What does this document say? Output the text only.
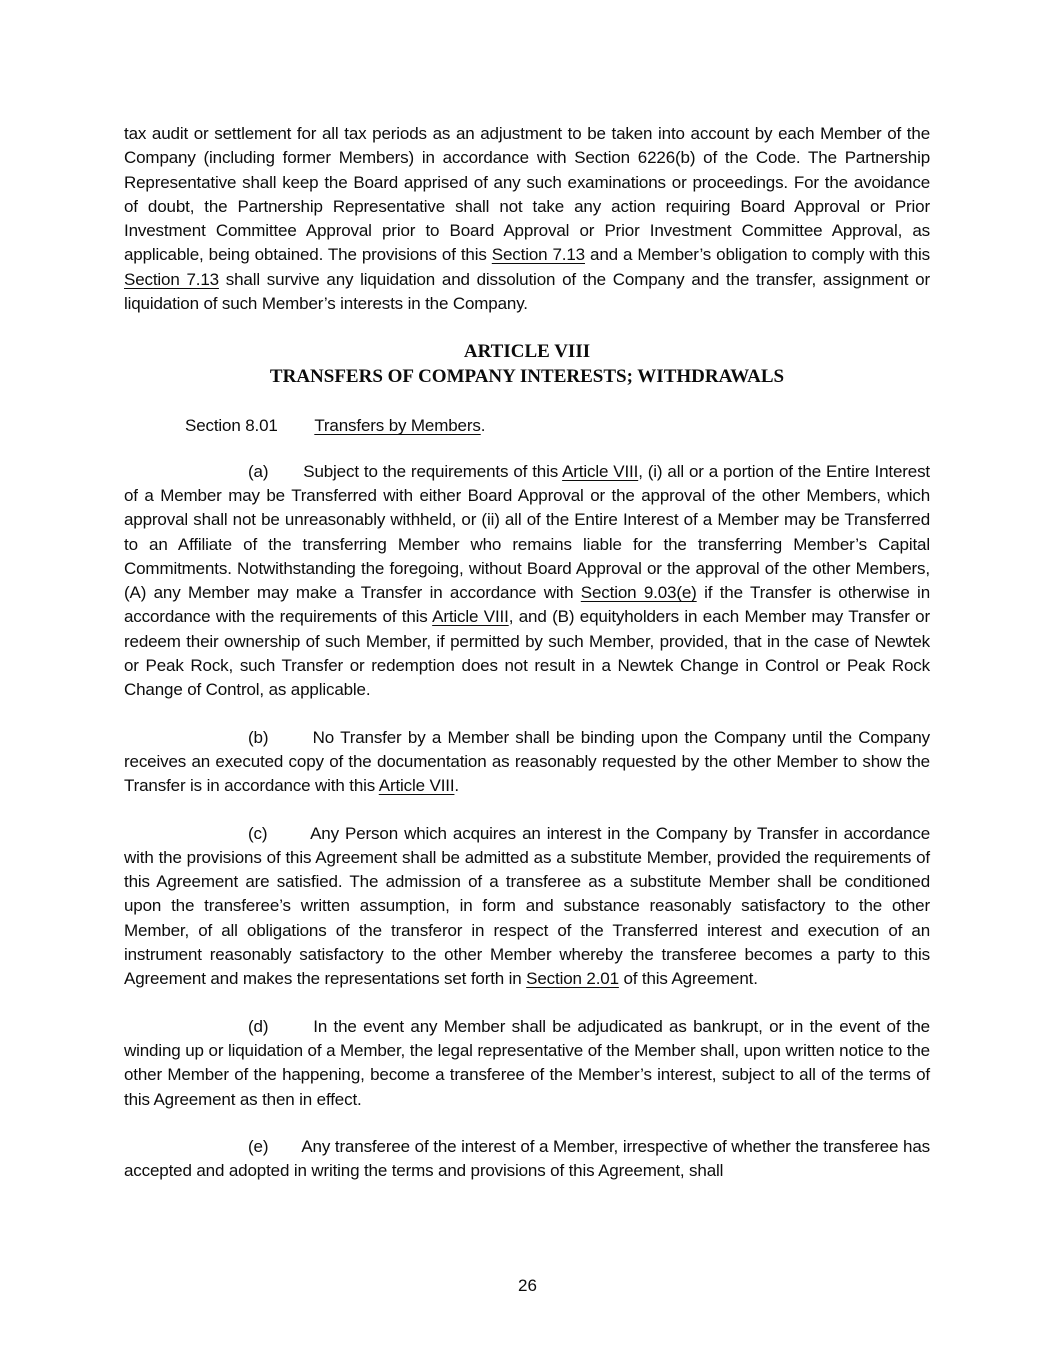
tax audit or settlement for all tax periods as an adjustment to be taken into account by each Member of the Company (including former Members) in accordance with Section 6226(b) of the Code. The Partnership Representative shall keep the Board apprised of any such examinations or proceedings. For the avoidance of doubt, the Partnership Representative shall not take any action requiring Board Approval or Prior Investment Committee Approval prior to Board Approval or Prior Investment Committee Approval, as applicable, being obtained. The provisions of this Section 7.13 and a Member’s obligation to comply with this Section 7.13 shall survive any liquidation and dissolution of the Company and the transfer, assignment or liquidation of such Member’s interests in the Company.

ARTICLE VIII
TRANSFERS OF COMPANY INTERESTS; WITHDRAWALS

Section 8.01 Transfers by Members.

(a)       Subject to the requirements of this Article VIII, (i) all or a portion of the Entire Interest of a Member may be Transferred with either Board Approval or the approval of the other Members, which approval shall not be unreasonably withheld, or (ii) all of the Entire Interest of a Member may be Transferred to an Affiliate of the transferring Member who remains liable for the transferring Member’s Capital Commitments. Notwithstanding the foregoing, without Board Approval or the approval of the other Members, (A) any Member may make a Transfer in accordance with Section 9.03(e) if the Transfer is otherwise in accordance with the requirements of this Article VIII, and (B) equityholders in each Member may Transfer or redeem their ownership of such Member, if permitted by such Member, provided, that in the case of Newtek or Peak Rock, such Transfer or redemption does not result in a Newtek Change in Control or Peak Rock Change of Control, as applicable.

(b)       No Transfer by a Member shall be binding upon the Company until the Company receives an executed copy of the documentation as reasonably requested by the other Member to show the Transfer is in accordance with this Article VIII.

(c)       Any Person which acquires an interest in the Company by Transfer in accordance with the provisions of this Agreement shall be admitted as a substitute Member, provided the requirements of this Agreement are satisfied. The admission of a transferee as a substitute Member shall be conditioned upon the transferee’s written assumption, in form and substance reasonably satisfactory to the other Member, of all obligations of the transferor in respect of the Transferred interest and execution of an instrument reasonably satisfactory to the other Member whereby the transferee becomes a party to this Agreement and makes the representations set forth in Section 2.01 of this Agreement.

(d)       In the event any Member shall be adjudicated as bankrupt, or in the event of the winding up or liquidation of a Member, the legal representative of the Member shall, upon written notice to the other Member of the happening, become a transferee of the Member’s interest, subject to all of the terms of this Agreement as then in effect.

(e)       Any transferee of the interest of a Member, irrespective of whether the transferee has accepted and adopted in writing the terms and provisions of this Agreement, shall

26
